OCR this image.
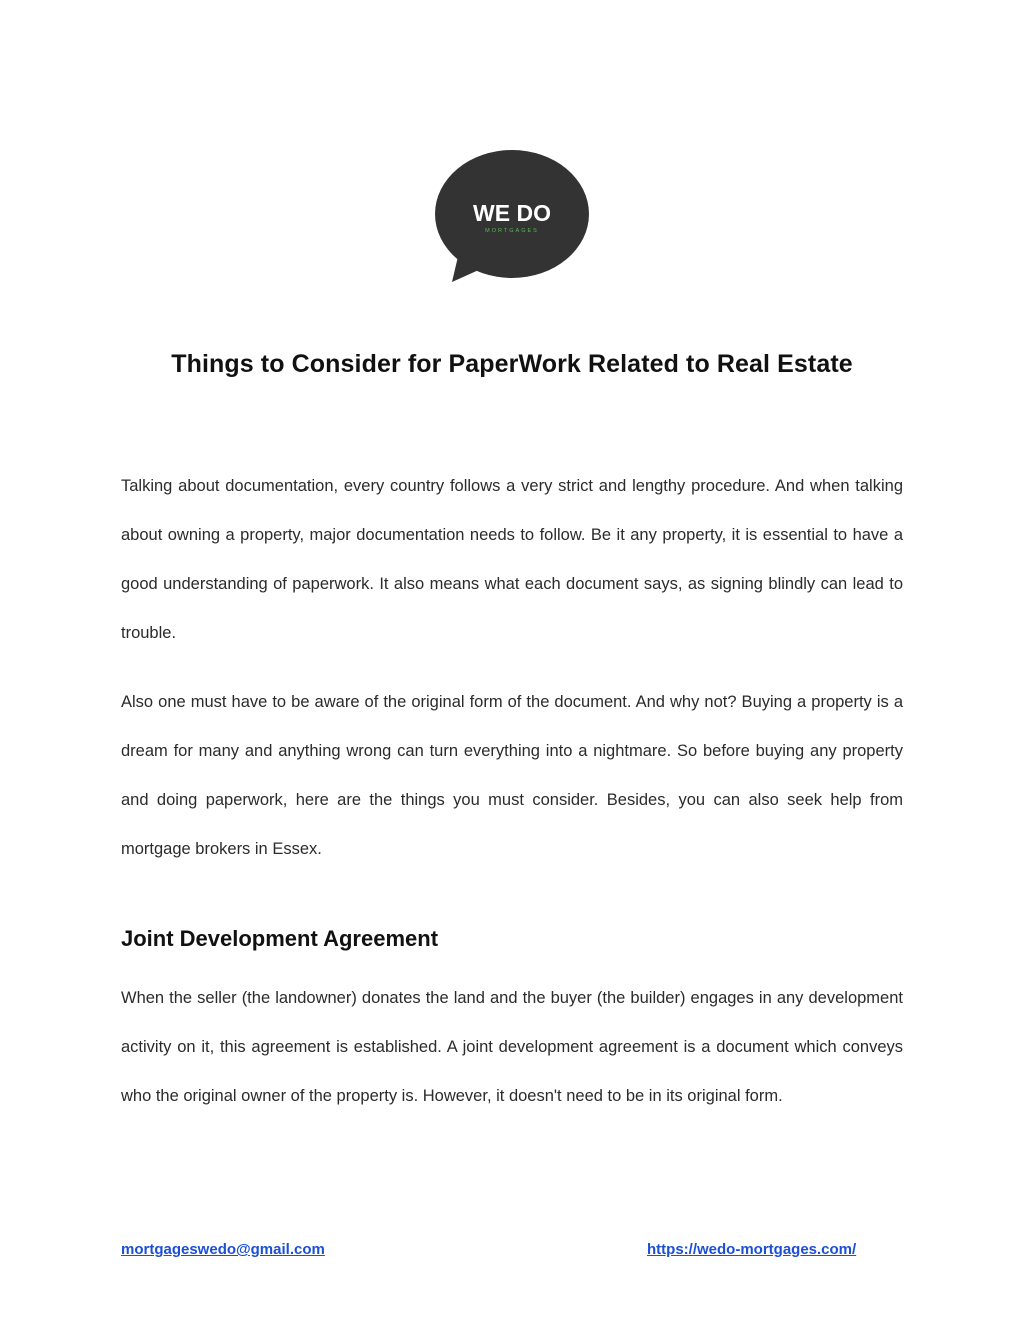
WE DO
MORTGAGES
Things to Consider for PaperWork Related to Real Estate

Talking about documentation, every country follows a very strict and lengthy procedure. And when talking about owning a property, major documentation needs to follow. Be it any property, it is essential to have a good understanding of paperwork. It also means what each document says, as signing blindly can lead to trouble.

Also one must have to be aware of the original form of the document. And why not? Buying a property is a dream for many and anything wrong can turn everything into a nightmare. So before buying any property and doing paperwork, here are the things you must consider. Besides, you can also seek help from mortgage brokers in Essex.

Joint Development Agreement

When the seller (the landowner) donates the land and the buyer (the builder) engages in any development activity on it, this agreement is established. A joint development agreement is a document which conveys who the original owner of the property is. However, it doesn't need to be in its original form.

mortgageswedo@gmail.com	https://wedo-mortgages.com/
